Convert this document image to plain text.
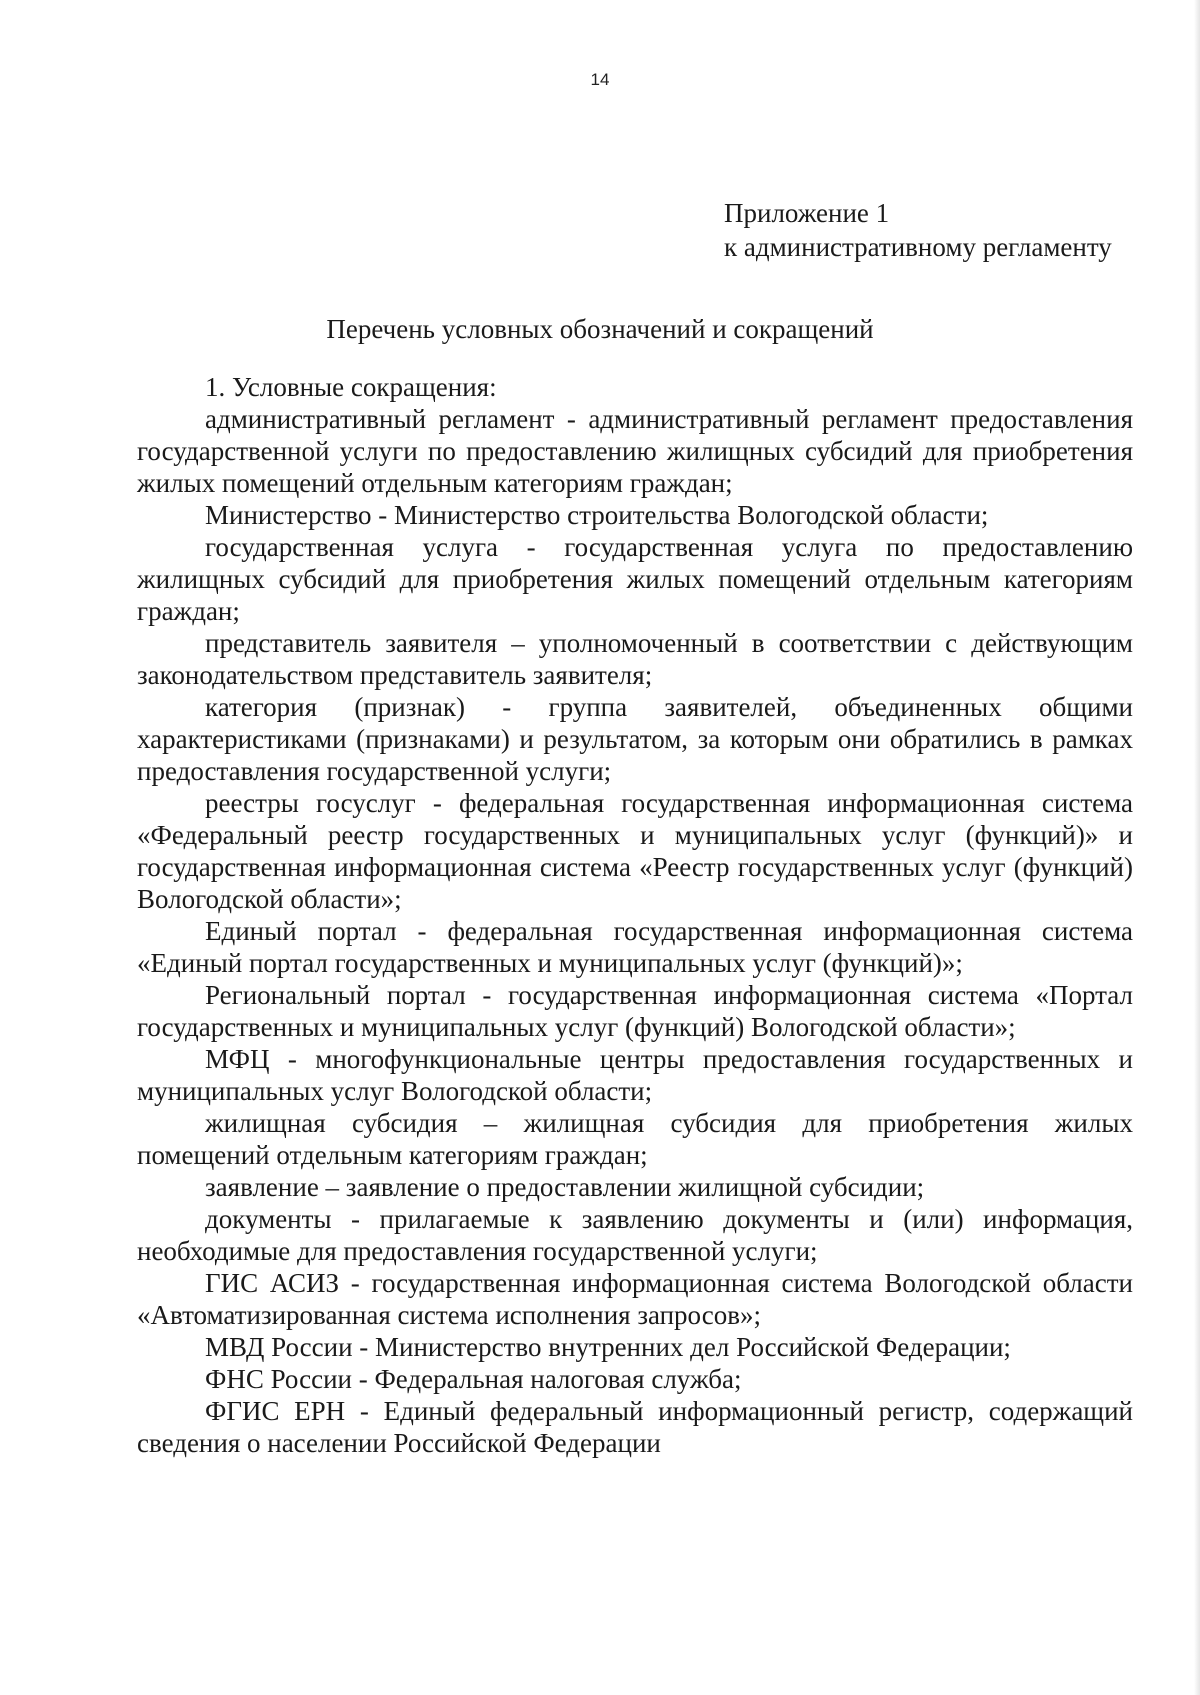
14
Приложение 1
к административному регламенту
Перечень условных обозначений и сокращений

1. Условные сокращения:

административный регламент - административный регламент предоставления государственной услуги по предоставлению жилищных субсидий для приобретения жилых помещений отдельным категориям граждан;

Министерство - Министерство строительства Вологодской области;

государственная услуга - государственная услуга по предоставлению жилищных субсидий для приобретения жилых помещений отдельным категориям граждан;

представитель заявителя – уполномоченный в соответствии с действующим законодательством представитель заявителя;

категория (признак) - группа заявителей, объединенных общими характеристиками (признаками) и результатом, за которым они обратились в рамках предоставления государственной услуги;

реестры госуслуг - федеральная государственная информационная система «Федеральный реестр государственных и муниципальных услуг (функций)» и государственная информационная система «Реестр государственных услуг (функций) Вологодской области»;

Единый портал - федеральная государственная информационная система «Единый портал государственных и муниципальных услуг (функций)»;

Региональный портал - государственная информационная система «Портал государственных и муниципальных услуг (функций) Вологодской области»;

МФЦ - многофункциональные центры предоставления государственных и муниципальных услуг Вологодской области;

жилищная субсидия – жилищная субсидия для приобретения жилых помещений отдельным категориям граждан;

заявление – заявление о предоставлении жилищной субсидии;

документы - прилагаемые к заявлению документы и (или) информация, необходимые для предоставления государственной услуги;

ГИС АСИЗ - государственная информационная система Вологодской области «Автоматизированная система исполнения запросов»;

МВД России - Министерство внутренних дел Российской Федерации;

ФНС России - Федеральная налоговая служба;

ФГИС ЕРН - Единый федеральный информационный регистр, содержащий сведения о населении Российской Федерации
